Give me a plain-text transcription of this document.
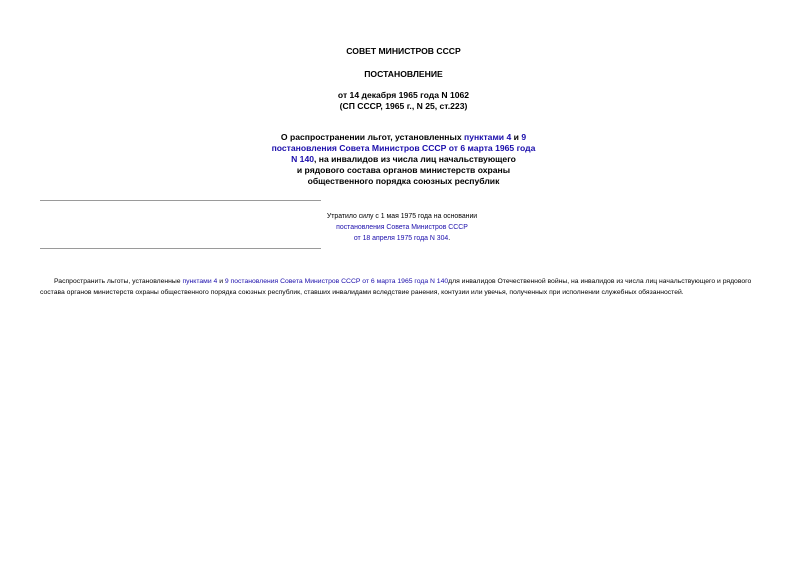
СОВЕТ МИНИСТРОВ СССР
ПОСТАНОВЛЕНИЕ
от 14 декабря 1965 года N 1062
(СП СССР, 1965 г., N 25, ст.223)
О распространении льгот, установленных пунктами 4 и 9
постановления Совета Министров СССР от 6 марта 1965 года
N 140, на инвалидов из числа лиц начальствующего
и рядового состава органов министерств охраны
общественного порядка союзных республик
Утратило силу с 1 мая 1975 года на основании
постановления Совета Министров СССР
от 18 апреля 1975 года N 304.

Распространить льготы, установленные пунктами 4 и 9 постановления Совета Министров СССР от 6 марта 1965 года N 140для инвалидов Отечественной войны, на инвалидов из числа лиц начальствующего и рядового состава органов министерств охраны общественного порядка союзных республик, ставших инвалидами вследствие ранения, контузии или увечья, полученных при исполнении служебных обязанностей.
